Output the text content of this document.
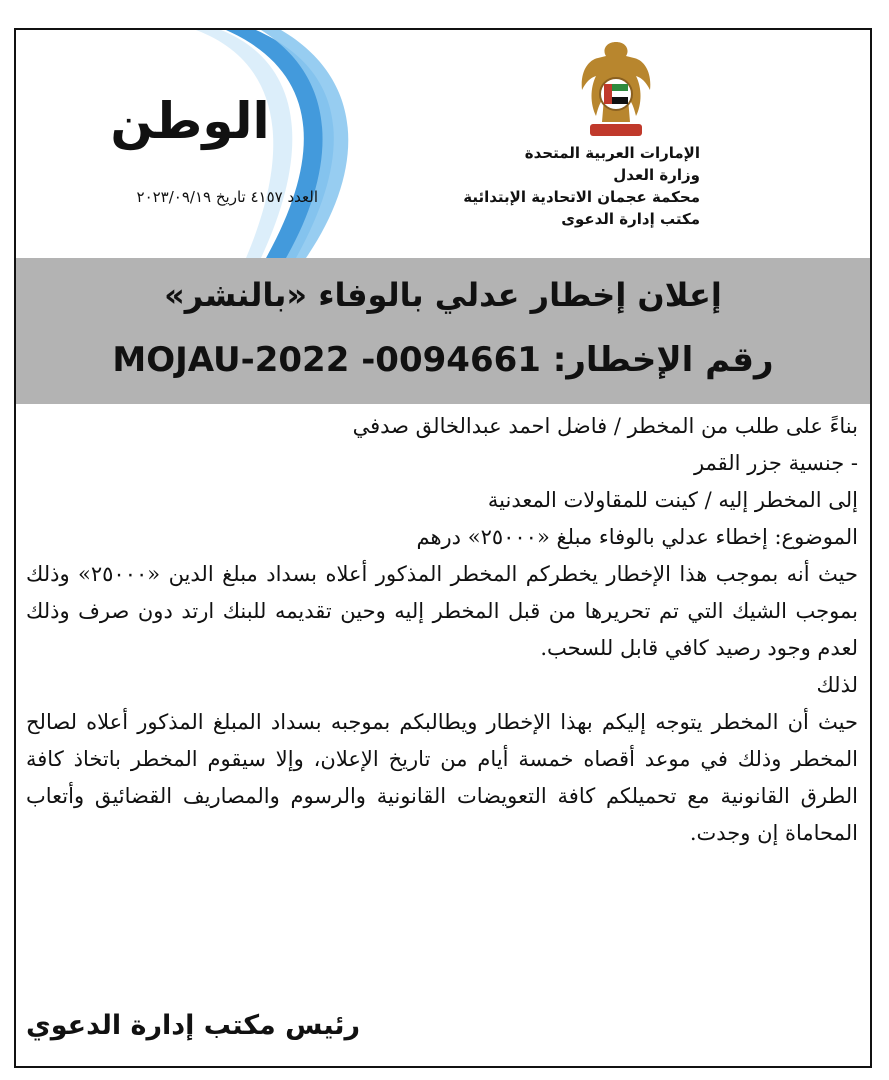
الوطن
العدد ٤١٥٧ تاريخ ٢٠٢٣/٠٩/١٩
الإمارات العربية المتحدة
وزارة العدل
محكمة عجمان الاتحادية الإبتدائية
مكتب إدارة الدعوى
إعلان إخطار عدلي بالوفاء «بالنشر»
رقم الإخطار: MOJAU-2022 -0094661

بناءً على طلب من المخطر / فاضل احمد عبدالخالق صدفي

- جنسية جزر القمر

إلى المخطر إليه / كينت للمقاولات المعدنية

الموضوع: إخطاء عدلي بالوفاء مبلغ «٢٥٠٠٠» درهم

حيث أنه بموجب هذا الإخطار يخطركم المخطر المذكور أعلاه بسداد مبلغ الدين «٢٥٠٠٠» وذلك بموجب الشيك التي تم تحريرها من قبل المخطر إليه وحين تقديمه للبنك ارتد دون صرف وذلك لعدم وجود رصيد كافي قابل للسحب.

لذلك

حيث أن المخطر يتوجه إليكم بهذا الإخطار ويطالبكم بموجبه بسداد المبلغ المذكور أعلاه لصالح المخطر وذلك في موعد أقصاه خمسة أيام من تاريخ الإعلان، وإلا سيقوم المخطر باتخاذ كافة الطرق القانونية مع تحميلكم كافة التعويضات القانونية والرسوم والمصاريف القضائيق وأتعاب المحاماة إن وجدت.

رئيس مكتب إدارة الدعوي
